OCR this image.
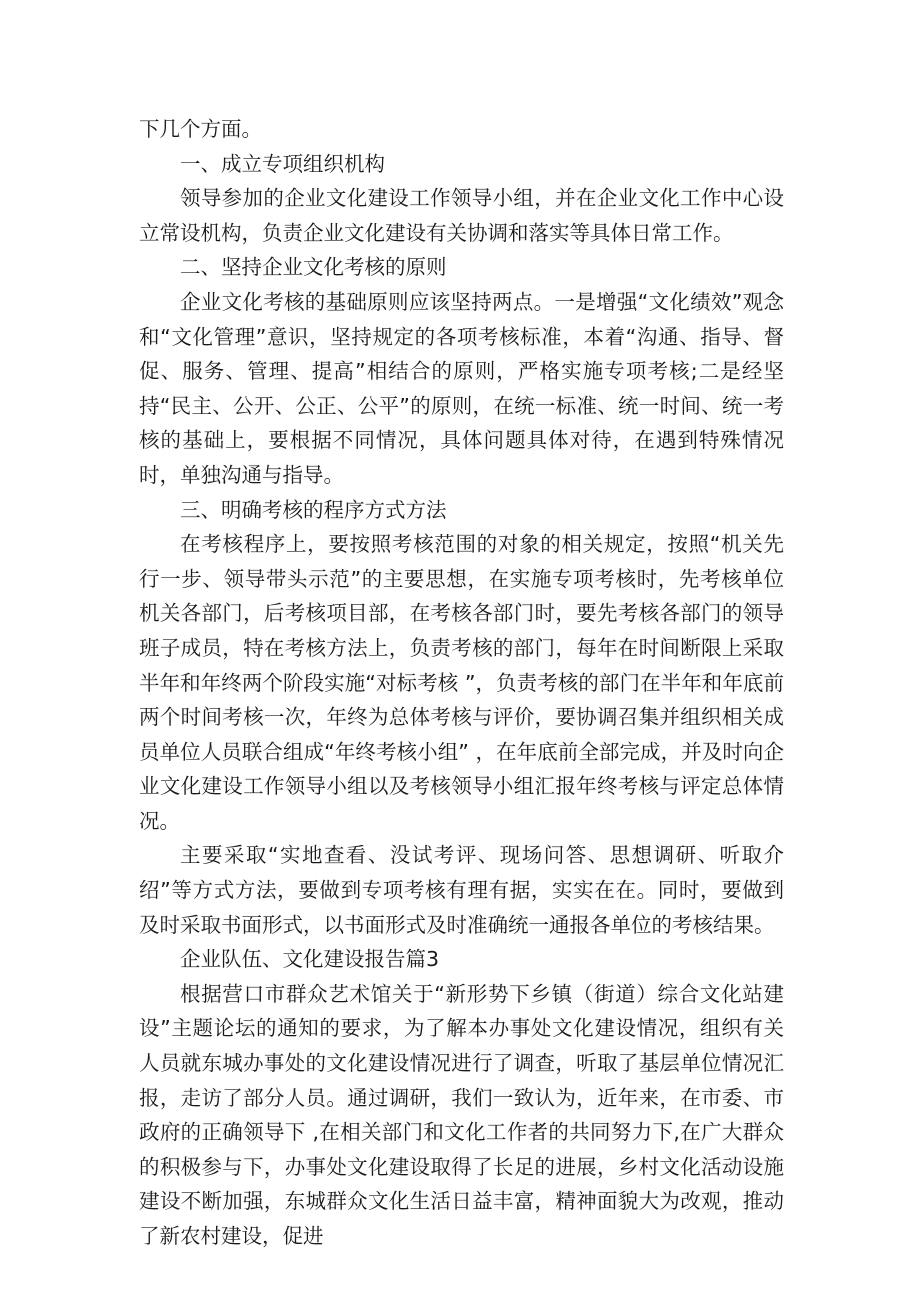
下几个方面。

一、成立专项组织机构

领导参加的企业文化建设工作领导小组，并在企业文化工作中心设立常设机构，负责企业文化建设有关协调和落实等具体日常工作。

二、坚持企业文化考核的原则

企业文化考核的基础原则应该坚持两点。一是增强“文化绩效”观念和“文化管理”意识，坚持规定的各项考核标准，本着“沟通、指导、督促、服务、管理、提高”相结合的原则，严格实施专项考核;二是经坚持“民主、公开、公正、公平”的原则，在统一标准、统一时间、统一考核的基础上，要根据不同情况，具体问题具体对待，在遇到特殊情况时，单独沟通与指导。

三、明确考核的程序方式方法

在考核程序上，要按照考核范围的对象的相关规定，按照“机关先行一步、领导带头示范”的主要思想，在实施专项考核时，先考核单位机关各部门，后考核项目部，在考核各部门时，要先考核各部门的领导班子成员，特在考核方法上，负责考核的部门，每年在时间断限上采取半年和年终两个阶段实施“对标考核 ”，负责考核的部门在半年和年底前两个时间考核一次，年终为总体考核与评价，要协调召集并组织相关成员单位人员联合组成“年终考核小组” ，在年底前全部完成，并及时向企业文化建设工作领导小组以及考核领导小组汇报年终考核与评定总体情况。

主要采取“实地查看、没试考评、现场问答、思想调研、听取介绍”等方式方法，要做到专项考核有理有据，实实在在。同时，要做到及时采取书面形式，以书面形式及时准确统一通报各单位的考核结果。

企业队伍、文化建设报告篇3

根据营口市群众艺术馆关于“新形势下乡镇（街道）综合文化站建设”主题论坛的通知的要求，为了解本办事处文化建设情况，组织有关人员就东城办事处的文化建设情况进行了调查，听取了基层单位情况汇报，走访了部分人员。通过调研，我们一致认为，近年来，在市委、市政府的正确领导下 ,在相关部门和文化工作者的共同努力下,在广大群众的积极参与下，办事处文化建设取得了长足的进展，乡村文化活动设施建设不断加强，东城群众文化生活日益丰富，精神面貌大为改观，推动了新农村建设，促进
